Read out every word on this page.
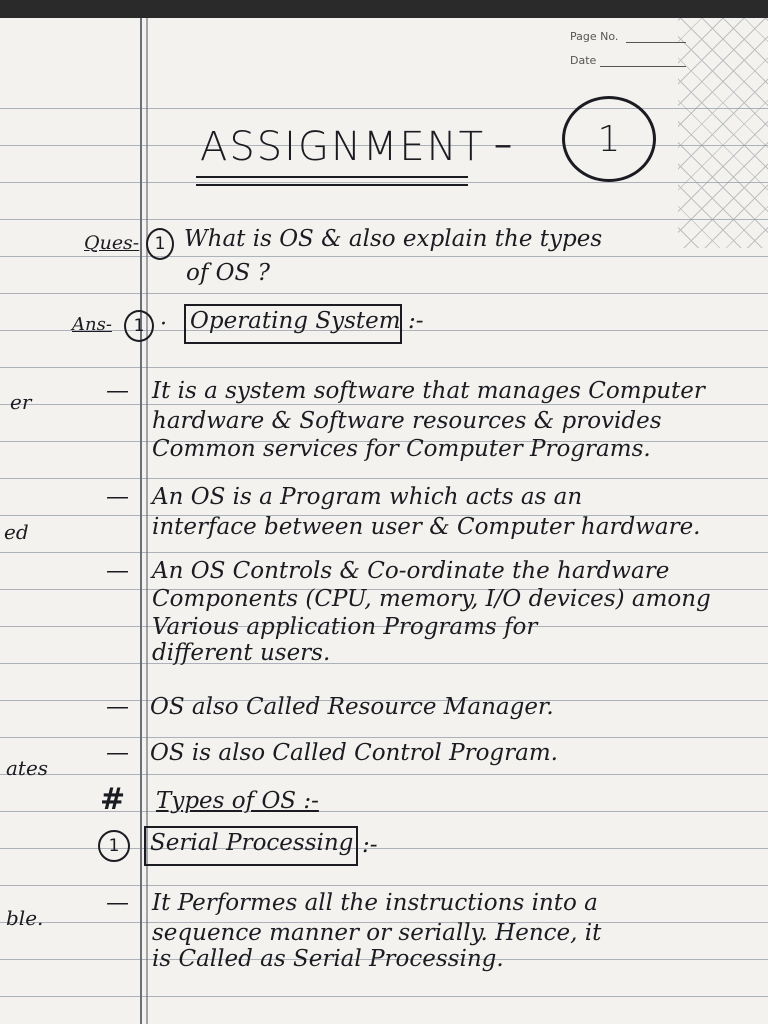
Page No.
Date
er
ed
ates
ble.
ASSIGNMENT – 1
Ques- 1 What is OS & also explain the types
of OS ?
Ans- 1 · Operating System :-
— It is a system software that manages Computer
hardware & Software resources & provides
Common services for Computer Programs.
— An OS is a Program which acts as an
interface between user & Computer hardware.
— An OS Controls & Co-ordinate the hardware
Components (CPU, memory, I/O devices) among
Various application Programs for
different users.
— OS also Called Resource Manager.
— OS is also Called Control Program.
# Types of OS :-
1 Serial Processing :-
— It Performes all the instructions into a
sequence manner or serially. Hence, it
is Called as Serial Processing.
